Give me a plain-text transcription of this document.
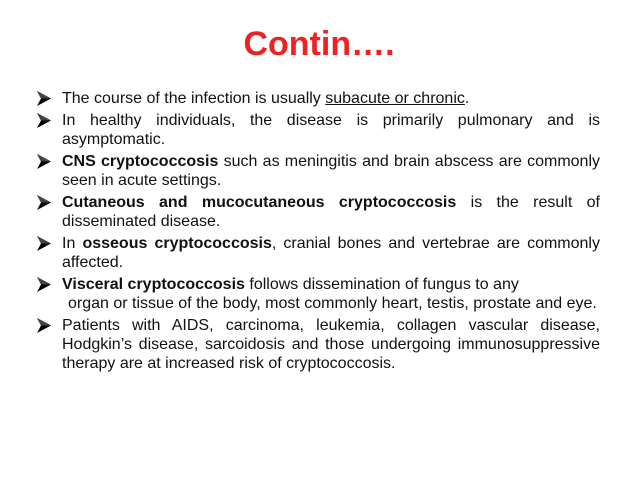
Contin….
The course of the infection is usually subacute or chronic.
In healthy individuals, the disease is primarily pulmonary and is asymptomatic.
CNS cryptococcosis such as meningitis and brain abscess are commonly seen in acute settings.
Cutaneous and mucocutaneous cryptococcosis is the result of disseminated disease.
In osseous cryptococcosis, cranial bones and vertebrae are commonly affected.
Visceral cryptococcosis follows dissemination of fungus to any
organ or tissue of the body, most commonly heart, testis, prostate and eye.
Patients with AIDS, carcinoma, leukemia, collagen vascular disease, Hodgkin’s disease, sarcoidosis and those undergoing immunosuppressive therapy are at increased risk of cryptococcosis.
